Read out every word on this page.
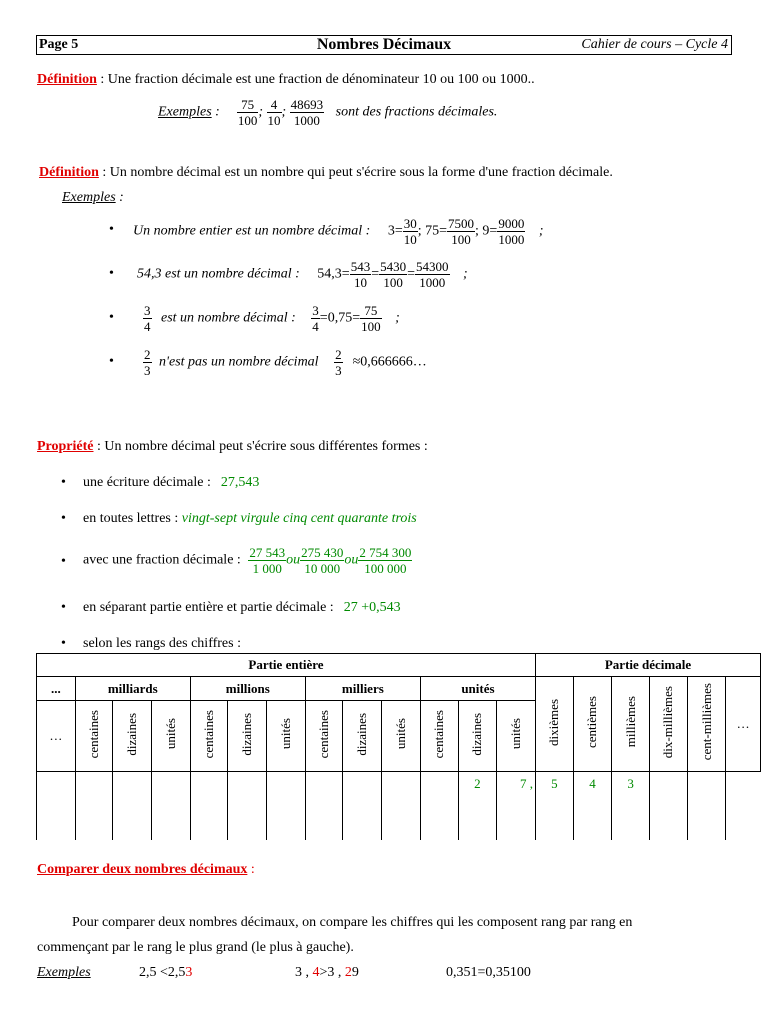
Page 5	Nombres Décimaux	Cahier de cours – Cycle 4
Définition : Une fraction décimale est une fraction de dénominateur 10 ou 100 ou 1000..
Exemples : $\frac{75}{100}$ ; $\frac{4}{10}$ ; $\frac{48693}{1000}$ sont des fractions décimales.
Définition : Un nombre décimal est un nombre qui peut s'écrire sous la forme d'une fraction décimale.
Exemples :
• Un nombre entier est un nombre décimal : $3= \frac{30}{10}$ ; $75= \frac{7500}{100}$ ; $9= \frac{9000}{1000}$ ;
• 54,3 est un nombre décimal : $54,3= \frac{543}{10} = \frac{5430}{100} = \frac{54300}{1000}$ ;
• $\frac{3}{4}$ est un nombre décimal : $\frac{3}{4} =0,75= \frac{75}{100}$ ;
• $\frac{2}{3} n'est$ pas un nombre décimal $\frac{2}{3}$ ≈0,666666…
Propriété : Un nombre décimal peut s'écrire sous différentes formes :
• une écriture décimale : 27,543
• en toutes lettres : vingt-sept virgule cinq cent quarante trois
• avec une fraction décimale : $\frac{27 543}{1 000}$ ou $\frac{275 430}{10 000}$ ou $\frac{2 754 300}{100 000}$
• en séparant partie entière et partie décimale : 27 +0,543
• selon les rangs des chiffres :
Partie entière													Partie décimale					
...	milliards			millions			milliers			unités			dixièmes	centièmes	millièmes	dix-millièmes	cent-millièmes	…
…	centaines	dizaines	unités	centaines	dizaines	unités	centaines	dizaines	unités	centaines	dizaines	unités						
											2	7 ,	5	4	3			

Comparer deux nombres décimaux :
Pour comparer deux nombres décimaux, on compare les chiffres qui les composent rang par rang en
commençant par le rang le plus grand (le plus à gauche).
Exemples	2,5 <2,53	3 , 4>3 , 29	0,351=0,35100
